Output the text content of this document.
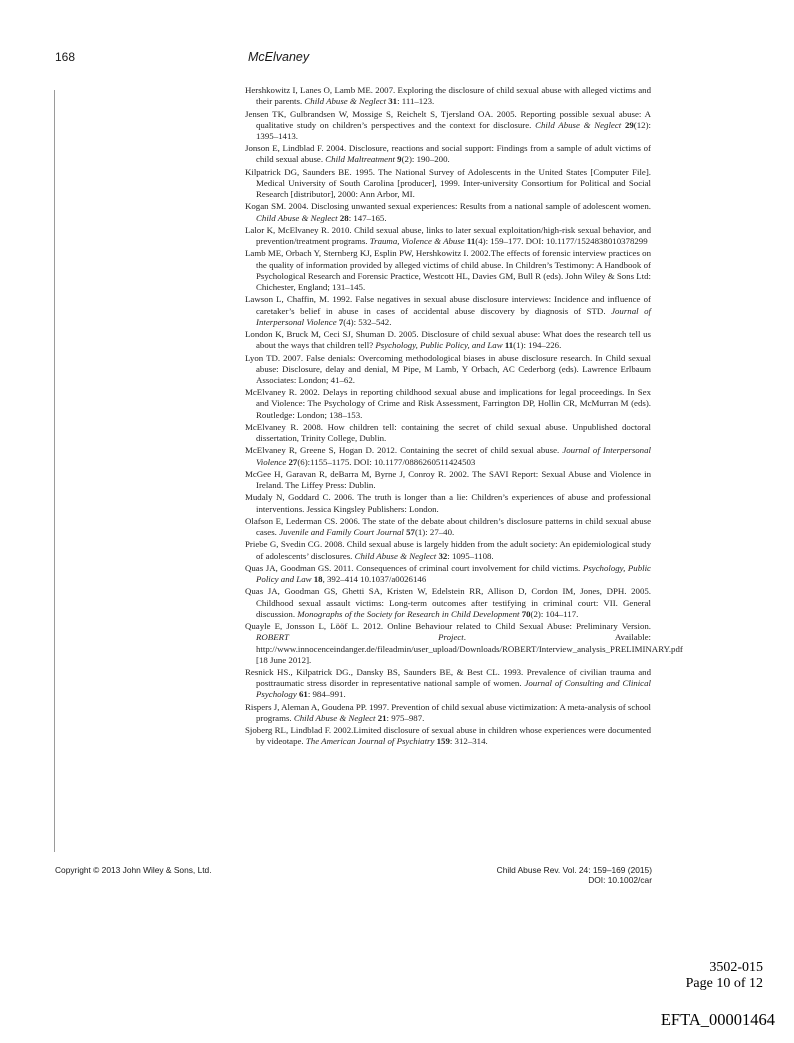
168	McElvaney
Hershkowitz I, Lanes O, Lamb ME. 2007. Exploring the disclosure of child sexual abuse with alleged victims and their parents. Child Abuse & Neglect 31: 111–123.
Jensen TK, Gulbrandsen W, Mossige S, Reichelt S, Tjersland OA. 2005. Reporting possible sexual abuse: A qualitative study on children’s perspectives and the context for disclosure. Child Abuse & Neglect 29(12): 1395–1413.
Jonson E, Lindblad F. 2004. Disclosure, reactions and social support: Findings from a sample of adult victims of child sexual abuse. Child Maltreatment 9(2): 190–200.
Kilpatrick DG, Saunders BE. 1995. The National Survey of Adolescents in the United States [Computer File]. Medical University of South Carolina [producer], 1999. Inter-university Consortium for Political and Social Research [distributor], 2000: Ann Arbor, MI.
Kogan SM. 2004. Disclosing unwanted sexual experiences: Results from a national sample of adolescent women. Child Abuse & Neglect 28: 147–165.
Lalor K, McElvaney R. 2010. Child sexual abuse, links to later sexual exploitation/high-risk sexual behavior, and prevention/treatment programs. Trauma, Violence & Abuse 11(4): 159–177. DOI: 10.1177/1524838010378299
Lamb ME, Orbach Y, Sternberg KJ, Esplin PW, Hershkowitz I. 2002.The effects of forensic interview practices on the quality of information provided by alleged victims of child abuse. In Children’s Testimony: A Handbook of Psychological Research and Forensic Practice, Westcott HL, Davies GM, Bull R (eds). John Wiley & Sons Ltd: Chichester, England; 131–145.
Lawson L, Chaffin, M. 1992. False negatives in sexual abuse disclosure interviews: Incidence and influence of caretaker’s belief in abuse in cases of accidental abuse discovery by diagnosis of STD. Journal of Interpersonal Violence 7(4): 532–542.
London K, Bruck M, Ceci SJ, Shuman D. 2005. Disclosure of child sexual abuse: What does the research tell us about the ways that children tell? Psychology, Public Policy, and Law 11(1): 194–226.
Lyon TD. 2007. False denials: Overcoming methodological biases in abuse disclosure research. In Child sexual abuse: Disclosure, delay and denial, M Pipe, M Lamb, Y Orbach, AC Cederborg (eds). Lawrence Erlbaum Associates: London; 41–62.
McElvaney R. 2002. Delays in reporting childhood sexual abuse and implications for legal proceedings. In Sex and Violence: The Psychology of Crime and Risk Assessment, Farrington DP, Hollin CR, McMurran M (eds). Routledge: London; 138–153.
McElvaney R. 2008. How children tell: containing the secret of child sexual abuse. Unpublished doctoral dissertation, Trinity College, Dublin.
McElvaney R, Greene S, Hogan D. 2012. Containing the secret of child sexual abuse. Journal of Interpersonal Violence 27(6):1155–1175. DOI: 10.1177/0886260511424503
McGee H, Garavan R, deBarra M, Byrne J, Conroy R. 2002. The SAVI Report: Sexual Abuse and Violence in Ireland. The Liffey Press: Dublin.
Mudaly N, Goddard C. 2006. The truth is longer than a lie: Children’s experiences of abuse and professional interventions. Jessica Kingsley Publishers: London.
Olafson E, Lederman CS. 2006. The state of the debate about children’s disclosure patterns in child sexual abuse cases. Juvenile and Family Court Journal 57(1): 27–40.
Priebe G, Svedin CG. 2008. Child sexual abuse is largely hidden from the adult society: An epidemiological study of adolescents’ disclosures. Child Abuse & Neglect 32: 1095–1108.
Quas JA, Goodman GS. 2011. Consequences of criminal court involvement for child victims. Psychology, Public Policy and Law 18, 392–414 10.1037/a0026146
Quas JA, Goodman GS, Ghetti SA, Kristen W, Edelstein RR, Allison D, Cordon IM, Jones, DPH. 2005. Childhood sexual assault victims: Long-term outcomes after testifying in criminal court: VII. General discussion. Monographs of the Society for Research in Child Development 70(2): 104–117.
Quayle E, Jonsson L, Lööf L. 2012. Online Behaviour related to Child Sexual Abuse: Preliminary Version. ROBERT Project. Available: http://www.innocenceindanger.de/fileadmin/user_upload/Downloads/ROBERT/Interview_analysis_PRELIMINARY.pdf [18 June 2012].
Resnick HS., Kilpatrick DG., Dansky BS, Saunders BE, & Best CL. 1993. Prevalence of civilian trauma and posttraumatic stress disorder in representative national sample of women. Journal of Consulting and Clinical Psychology 61: 984–991.
Rispers J, Aleman A, Goudena PP. 1997. Prevention of child sexual abuse victimization: A meta-analysis of school programs. Child Abuse & Neglect 21: 975–987.
Sjoberg RL, Lindblad F. 2002.Limited disclosure of sexual abuse in children whose experiences were documented by videotape. The American Journal of Psychiatry 159: 312–314.
Copyright © 2013 John Wiley & Sons, Ltd.	Child Abuse Rev. Vol. 24: 159–169 (2015)
DOI: 10.1002/car
3502-015
Page 10 of 12
EFTA_00001464
